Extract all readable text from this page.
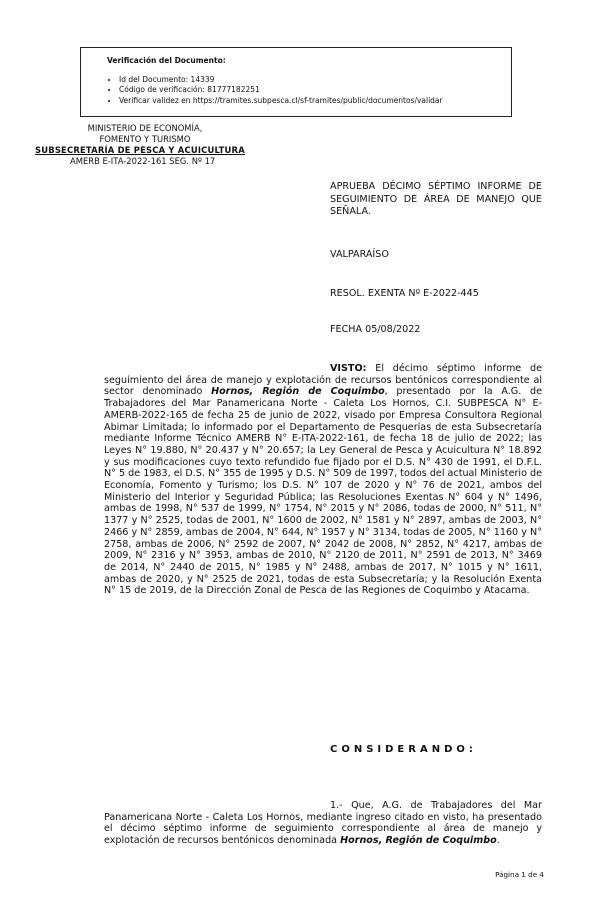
Verificación del Documento:
• Id del Documento: 14339
• Código de verificación: 81777182251
• Verificar validez en https://tramites.subpesca.cl/sf-tramites/public/documentos/validar
MINISTERIO DE ECONOMÍA,
FOMENTO Y TURISMO
SUBSECRETARÍA DE PESCA Y ACUICULTURA
AMERB E-ITA-2022-161 SEG. Nº 17
APRUEBA DÉCIMO SÉPTIMO INFORME DE SEGUIMIENTO DE ÁREA DE MANEJO QUE SEÑALA.
VALPARAÍSO
RESOL. EXENTA Nº E-2022-445
FECHA 05/08/2022
VISTO: El décimo séptimo informe de seguimiento del área de manejo y explotación de recursos bentónicos correspondiente al sector denominado Hornos, Región de Coquimbo, presentado por la A.G. de Trabajadores del Mar Panamericana Norte - Caleta Los Hornos, C.I. SUBPESCA N° E-AMERB-2022-165 de fecha 25 de junio de 2022, visado por Empresa Consultora Regional Abimar Limitada; lo informado por el Departamento de Pesquerías de esta Subsecretaría mediante Informe Técnico AMERB N° E-ITA-2022-161, de fecha 18 de julio de 2022; las Leyes N° 19.880, N° 20.437 y N° 20.657; la Ley General de Pesca y Acuicultura N° 18.892 y sus modificaciones cuyo texto refundido fue fijado por el D.S. N° 430 de 1991, el D.F.L. N° 5 de 1983, el D.S. N° 355 de 1995 y D.S. N° 509 de 1997, todos del actual Ministerio de Economía, Fomento y Turismo; los D.S. N° 107 de 2020 y N° 76 de 2021, ambos del Ministerio del Interior y Seguridad Pública; las Resoluciones Exentas N° 604 y N° 1496, ambas de 1998, N° 537 de 1999, N° 1754, N° 2015 y N° 2086, todas de 2000, N° 511, N° 1377 y N° 2525, todas de 2001, N° 1600 de 2002, N° 1581 y N° 2897, ambas de 2003, N° 2466 y N° 2859, ambas de 2004, N° 644, N° 1957 y N° 3134, todas de 2005, N° 1160 y N° 2758, ambas de 2006, N° 2592 de 2007, N° 2042 de 2008, N° 2852, N° 4217, ambas de 2009, N° 2316 y N° 3953, ambas de 2010, N° 2120 de 2011, N° 2591 de 2013, N° 3469 de 2014, N° 2440 de 2015, N° 1985 y N° 2488, ambas de 2017, N° 1015 y N° 1611, ambas de 2020, y N° 2525 de 2021, todas de esta Subsecretaría; y la Resolución Exenta N° 15 de 2019, de la Dirección Zonal de Pesca de las Regiones de Coquimbo y Atacama.
CONSIDERANDO:
1.- Que, A.G. de Trabajadores del Mar Panamericana Norte - Caleta Los Hornos, mediante ingreso citado en visto, ha presentado el décimo séptimo informe de seguimiento correspondiente al área de manejo y explotación de recursos bentónicos denominada Hornos, Región de Coquimbo.
Página 1 de 4
